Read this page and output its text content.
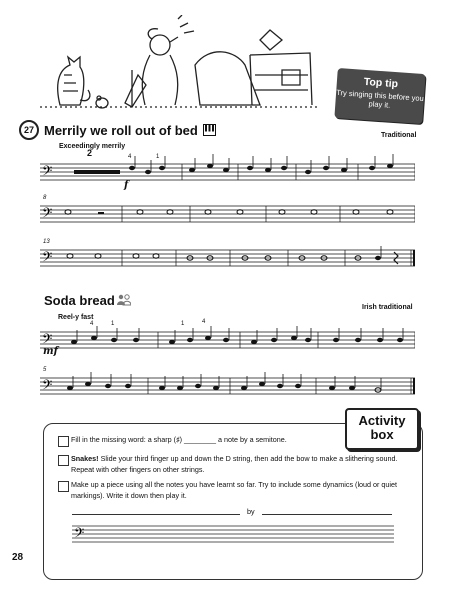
Top tip
Try singing this before you play it.
27 Merrily we roll out of bed	Traditional
Exceedingly merrily
𝄢
2	4	1
f
8
𝄢
13
𝄢
Soda bread	Irish traditional
Reel-y fast
4	1	1	4
𝄢
mf
5
𝄢
Activity
box
Fill in the missing word: a sharp (♯) ________ a note by a semitone.
Snakes! Slide your third finger up and down the D string, then add the bow to make a slithering sound. Repeat with other fingers on other strings.
Make up a piece using all the notes you have learnt so far. Try to include some dynamics (loud or quiet markings). Write it down then play it.
by
𝄢
28
